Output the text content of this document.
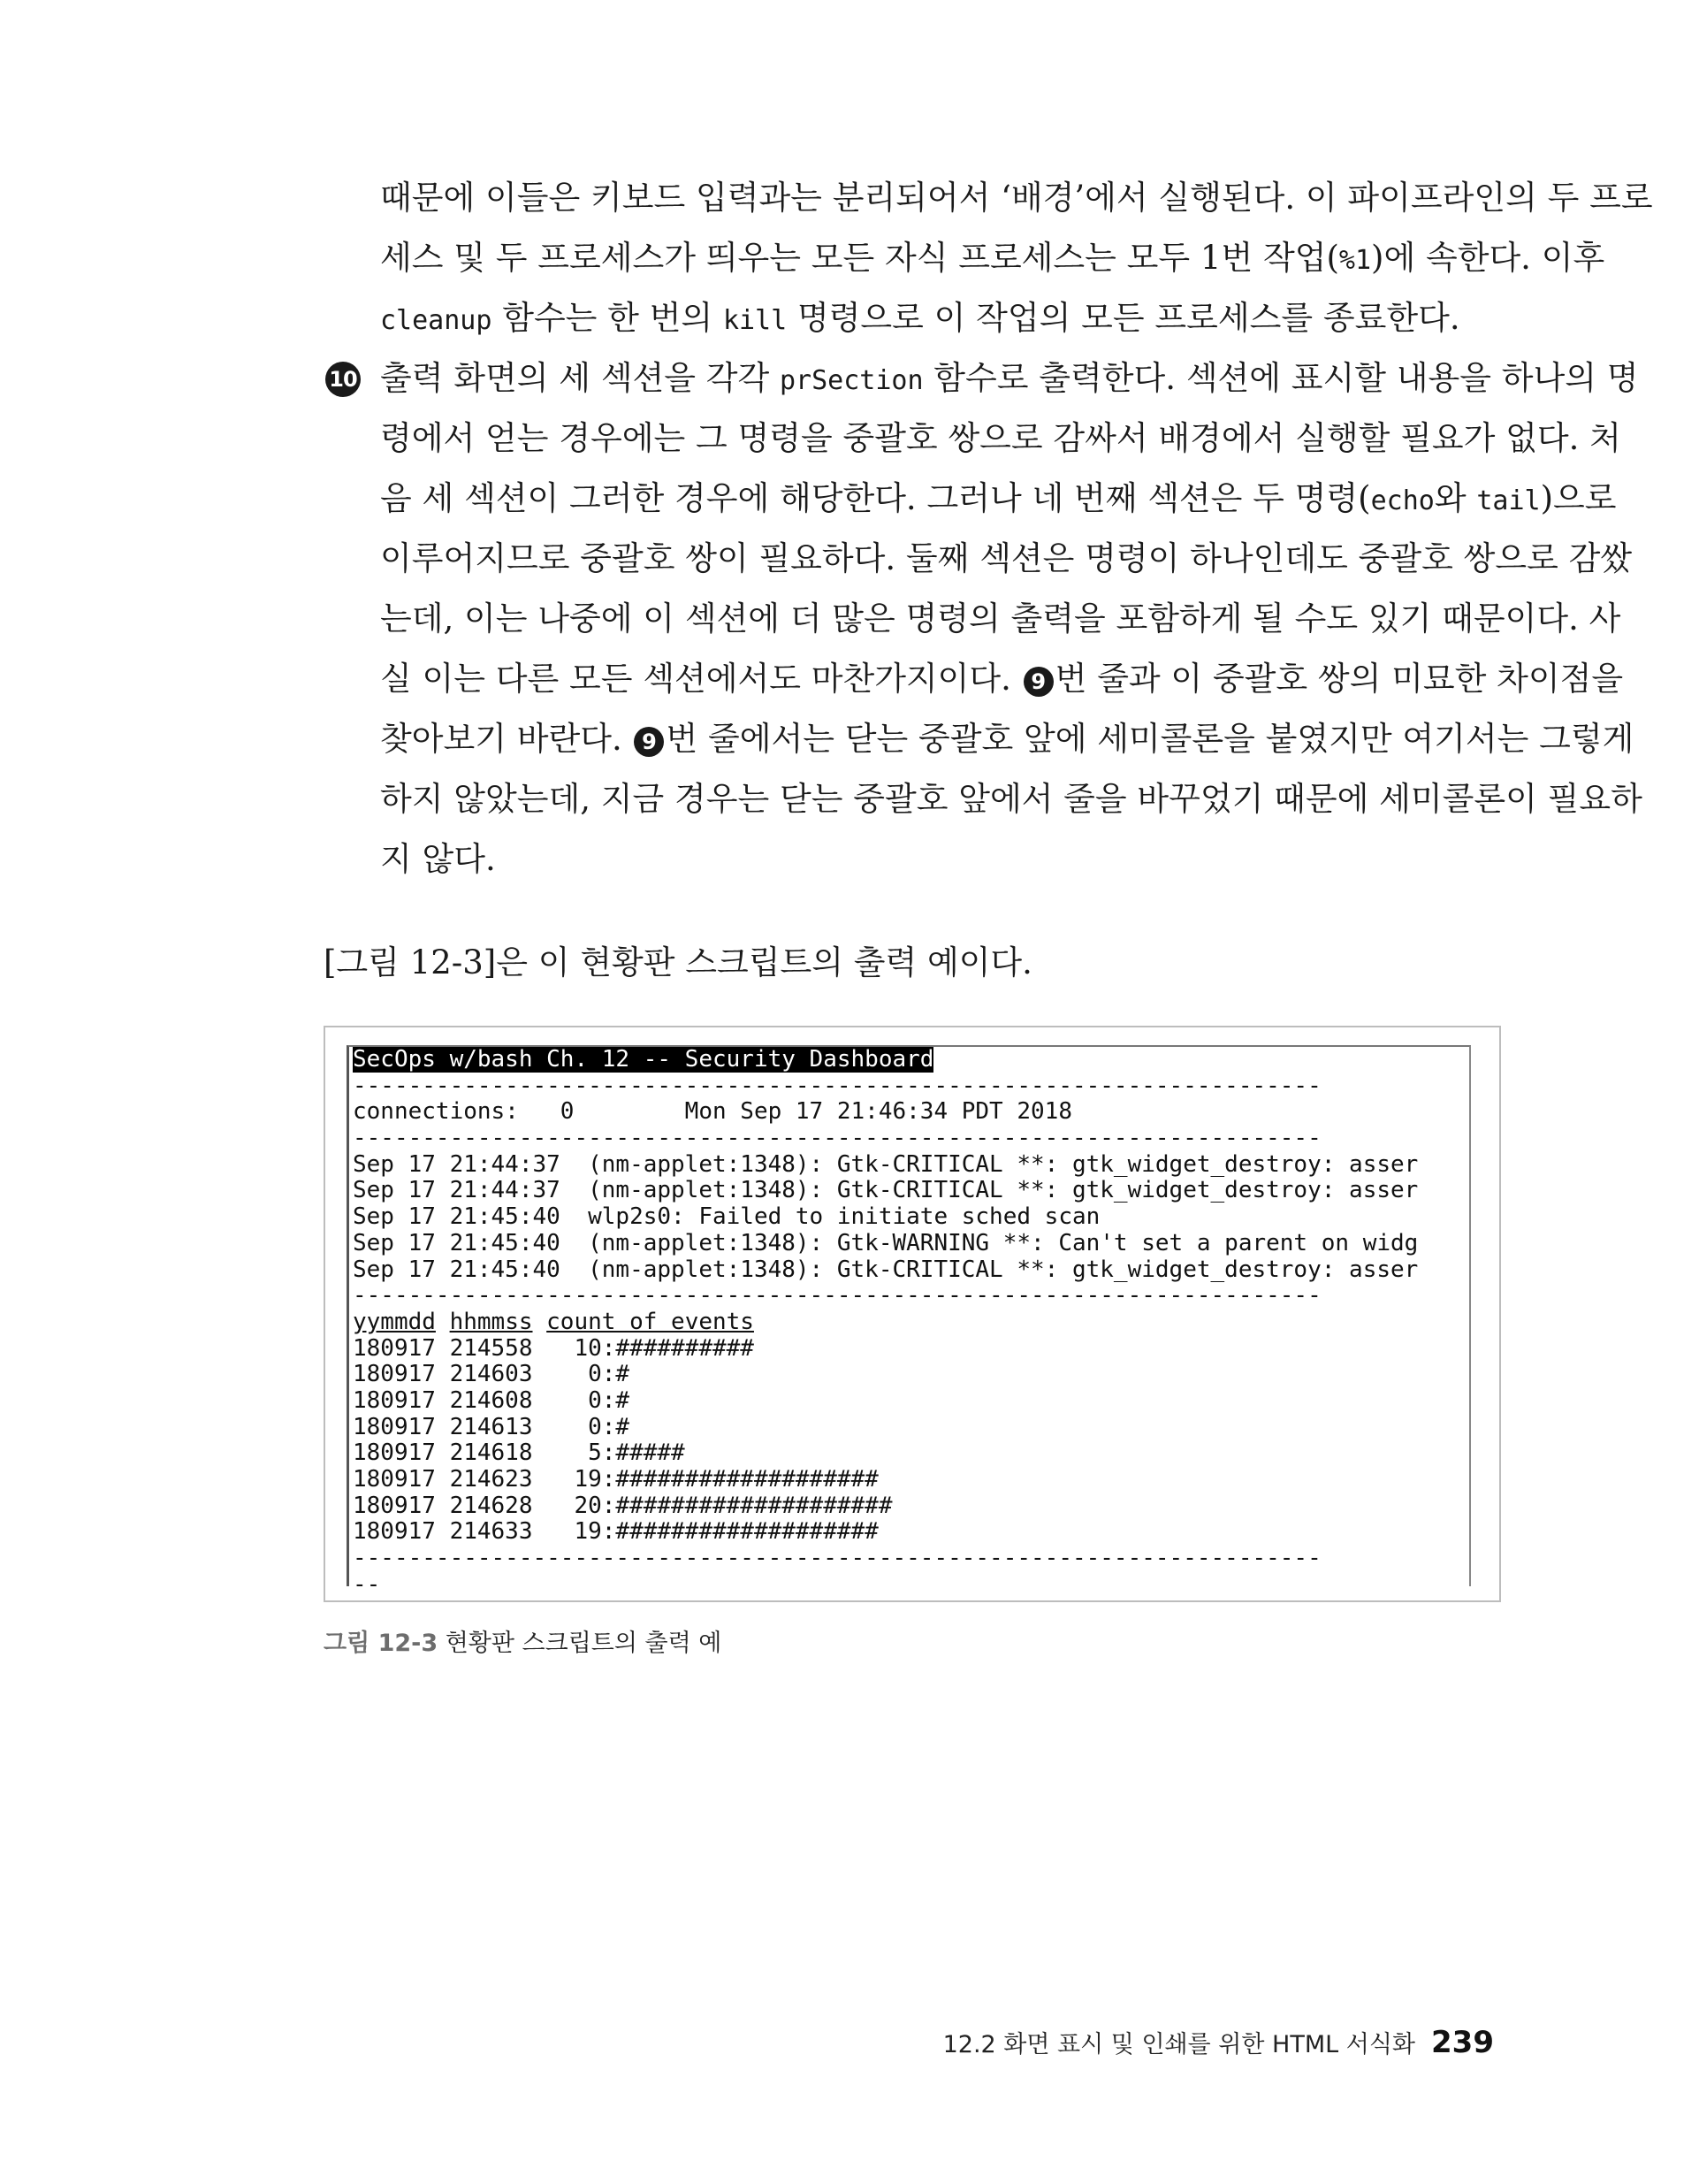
때문에 이들은 키보드 입력과는 분리되어서 ‘배경’에서 실행된다. 이 파이프라인의 두 프로
세스 및 두 프로세스가 띄우는 모든 자식 프로세스는 모두 1번 작업(%1)에 속한다. 이후
cleanup 함수는 한 번의 kill 명령으로 이 작업의 모든 프로세스를 종료한다.
10 출력 화면의 세 섹션을 각각 prSection 함수로 출력한다. 섹션에 표시할 내용을 하나의 명
령에서 얻는 경우에는 그 명령을 중괄호 쌍으로 감싸서 배경에서 실행할 필요가 없다. 처
음 세 섹션이 그러한 경우에 해당한다. 그러나 네 번째 섹션은 두 명령(echo와 tail)으로
이루어지므로 중괄호 쌍이 필요하다. 둘째 섹션은 명령이 하나인데도 중괄호 쌍으로 감쌌
는데, 이는 나중에 이 섹션에 더 많은 명령의 출력을 포함하게 될 수도 있기 때문이다. 사
실 이는 다른 모든 섹션에서도 마찬가지이다. 9 번 줄과 이 중괄호 쌍의 미묘한 차이점을
찾아보기 바란다. 9 번 줄에서는 닫는 중괄호 앞에 세미콜론을 붙였지만 여기서는 그렇게
하지 않았는데, 지금 경우는 닫는 중괄호 앞에서 줄을 바꾸었기 때문에 세미콜론이 필요하
지 않다.
[그림 12-3]은 이 현황판 스크립트의 출력 예이다.
SecOps w/bash Ch. 12 -- Security Dashboard
----------------------------------------------------------------------
connections:   0        Mon Sep 17 21:46:34 PDT 2018
----------------------------------------------------------------------
Sep 17 21:44:37  (nm-applet:1348): Gtk-CRITICAL **: gtk_widget_destroy: asser
Sep 17 21:44:37  (nm-applet:1348): Gtk-CRITICAL **: gtk_widget_destroy: asser
Sep 17 21:45:40  wlp2s0: Failed to initiate sched scan
Sep 17 21:45:40  (nm-applet:1348): Gtk-WARNING **: Can't set a parent on widg
Sep 17 21:45:40  (nm-applet:1348): Gtk-CRITICAL **: gtk_widget_destroy: asser
----------------------------------------------------------------------
yymmdd hhmmss count of events
180917 214558   10:##########
180917 214603    0:#
180917 214608    0:#
180917 214613    0:#
180917 214618    5:#####
180917 214623   19:###################
180917 214628   20:####################
180917 214633   19:###################
----------------------------------------------------------------------
--
그림 12-3 현황판 스크립트의 출력 예
12.2 화면 표시 및 인쇄를 위한 HTML 서식화 239
